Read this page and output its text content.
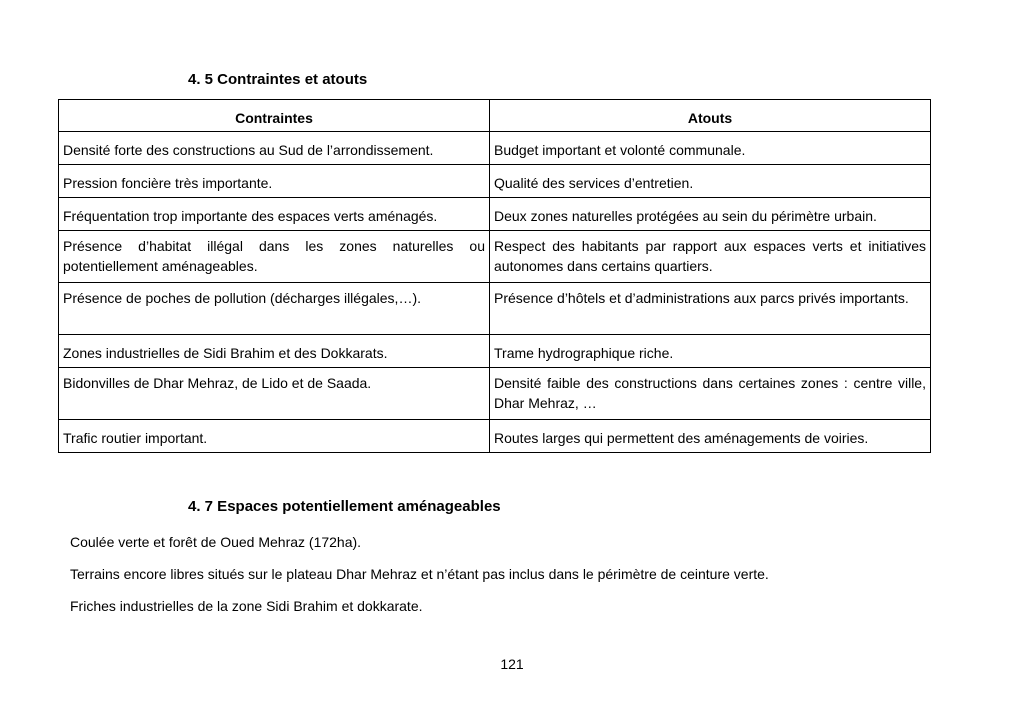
4. 5 Contraintes et atouts
Contraintes	Atouts
Densité forte des constructions au Sud de l’arrondissement.	Budget important et volonté communale.
Pression foncière très importante.	Qualité des services d’entretien.
Fréquentation trop importante des espaces verts aménagés.	Deux zones naturelles protégées au sein du périmètre urbain.
Présence d’habitat illégal dans les zones naturelles ou potentiellement aménageables.	Respect des habitants par rapport aux espaces verts et initiatives autonomes dans certains quartiers.
Présence de poches de pollution (décharges illégales,…).	Présence d’hôtels et d’administrations aux parcs privés importants.
Zones industrielles de Sidi Brahim et des Dokkarats.	Trame hydrographique riche.
Bidonvilles de Dhar Mehraz, de Lido et de Saada.	Densité faible des constructions dans certaines zones : centre ville, Dhar Mehraz, …
Trafic routier important.	Routes larges qui permettent des aménagements de voiries.
4. 7 Espaces potentiellement aménageables
Coulée verte et forêt de Oued Mehraz (172ha).
Terrains encore libres situés sur le plateau Dhar Mehraz et n’étant pas inclus dans le périmètre de ceinture verte.
Friches industrielles de la zone Sidi Brahim et dokkarate.
121
